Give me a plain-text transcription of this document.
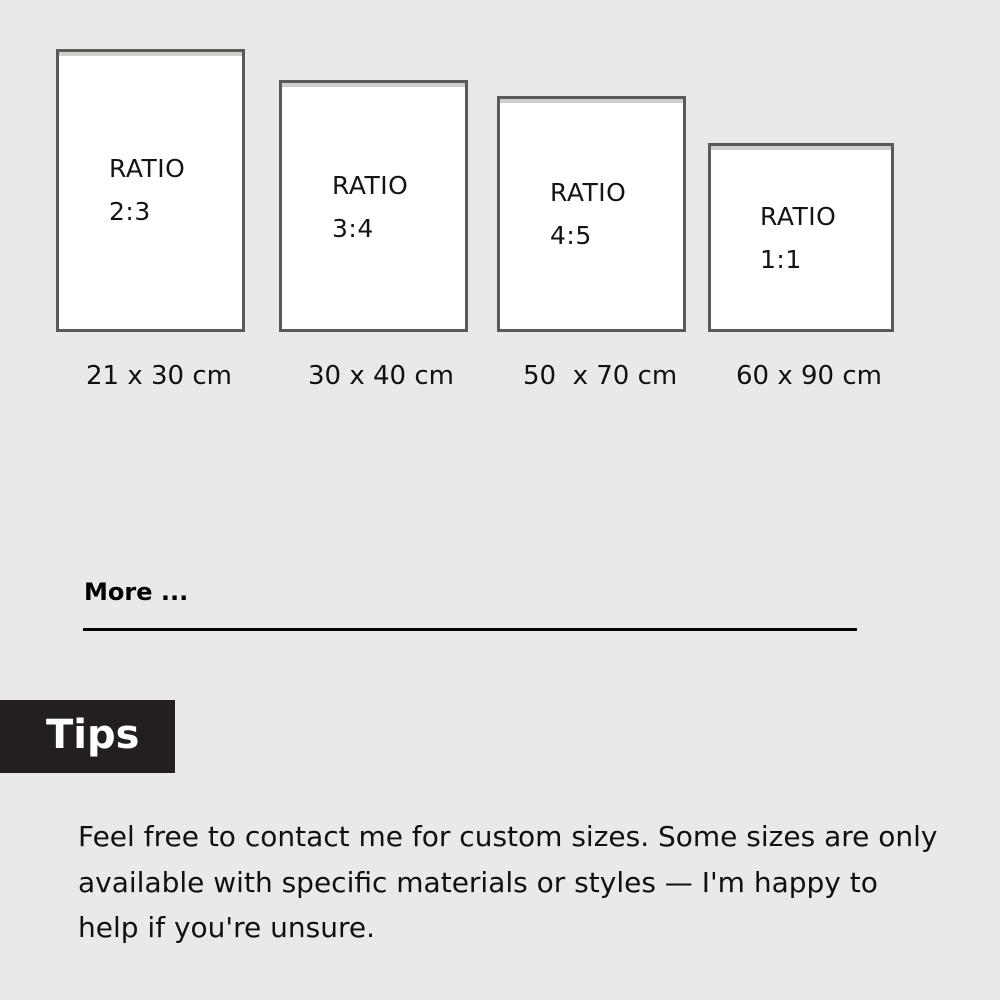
RATIO
2:3
21 x 30 cm
RATIO
3:4
30 x 40 cm
RATIO
4:5
50  x 70 cm
RATIO
1:1
60 x 90 cm
More ...
Tips
Feel free to contact me for custom sizes. Some sizes are only available with specific materials or styles — I'm happy to help if you're unsure.
